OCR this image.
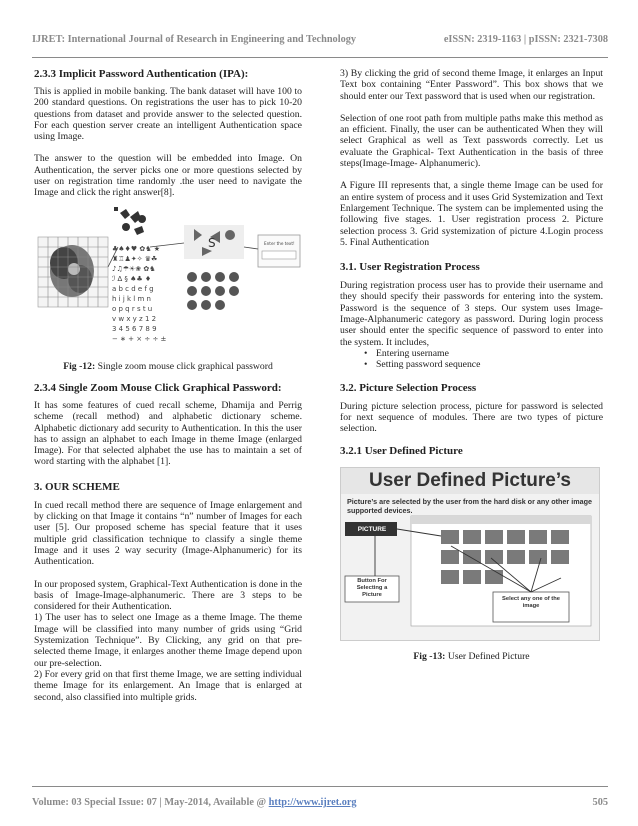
IJRET: International Journal of Research in Engineering and Technology	eISSN: 2319-1163 | pISSN: 2321-7308
2.3.3 Implicit Password Authentication (IPA):

This is applied in mobile banking. The bank dataset will have 100 to 200 standard questions. On registrations the user has to pick 10-20 questions from dataset and provide answer to the selected question. For each question server create an intelligent Authentication space using Image.

The answer to the question will be embedded into Image. On Authentication, the server picks one or more questions selected by user on registration time randomly .the user need to navigate the Image and click the right answer[8].

♣♠♦♥ ✿♞ ★
♜♖♟✦✧ ♛☘
♪♫☂☀❀ ✿♞
ℐ ∆ § ♠♣ ♦
a b c d e f g
h i j k l m n
o p q r s t u
v w x y z 1 2
3 4 5 6 7 8 9
− ∗ + × ÷ ÷ ±
S	Enter the text!

Fig -12: Single zoom mouse click graphical password

2.3.4 Single Zoom Mouse Click Graphical Password:

It has some features of cued recall scheme, Dhamija and Perrig scheme (recall method) and alphabetic dictionary scheme. Alphabetic dictionary add security to Authentication. In this the user has to assign an alphabet to each Image in theme Image (enlarged Image). For that selected alphabet the use has to maintain a set of word starting with the alphabet [1].

3. OUR SCHEME

In cued recall method there are sequence of Image enlargement and by clicking on that Image it contains “n” number of Images for each user [5]. Our proposed scheme has special feature that it uses multiple grid classification technique to classify a single theme Image and it uses 2 way security (Image-Alphanumeric) for its Authentication.

In our proposed system, Graphical-Text Authentication is done in the basis of Image-Image-alphanumeric. There are 3 steps to be considered for their Authentication.

1) The user has to select one Image as a theme Image. The theme Image will be classified into many number of grids using “Grid Systemization Technique”. By Clicking, any grid on that pre-selected theme Image, it enlarges another theme Image depend upon our pre-selection.

2) For every grid on that first theme Image, we are setting individual theme Image for its enlargement. An Image that is enlarged at second, also classified into multiple grids.

3) By clicking the grid of second theme Image, it enlarges an Input Text box containing “Enter Password”. This box shows that we should enter our Text password that is used when our registration.

Selection of one root path from multiple paths make this method as an efficient. Finally, the user can be authenticated When they will select Graphical as well as Text passwords correctly. Let us evaluate the Graphical- Text Authentication in the basis of three steps(Image-Image- Alphanumeric).

A Figure III represents that, a single theme Image can be used for an entire system of process and it uses Grid Systemization and Text Enlargement Technique. The system can be implemented using the following five stages. 1. User registration process 2. Picture selection process 3. Grid systemization of picture 4.Login process 5. Final Authentication

3.1. User Registration Process

During registration process user has to provide their username and they should specify their passwords for entering into the system. Password is the sequence of 3 steps. Our system uses Image-Image-Alphanumeric category as password. During login process user should enter the specific sequence of password to enter into the system. It includes,

• Entering username
• Setting password sequence
3.2. Picture Selection Process

During picture selection process, picture for password is selected for next sequence of modules. There are two types of picture selection.

3.2.1 User Defined Picture
User Defined Picture’s
Picture’s are selected by the user from the hard disk or any other image supported devices.
PICTURE
Button For Selecting a Picture
Select any one of the image

Fig -13: User Defined Picture

Volume: 03 Special Issue: 07 | May-2014, Available @ http://www.ijret.org	505
